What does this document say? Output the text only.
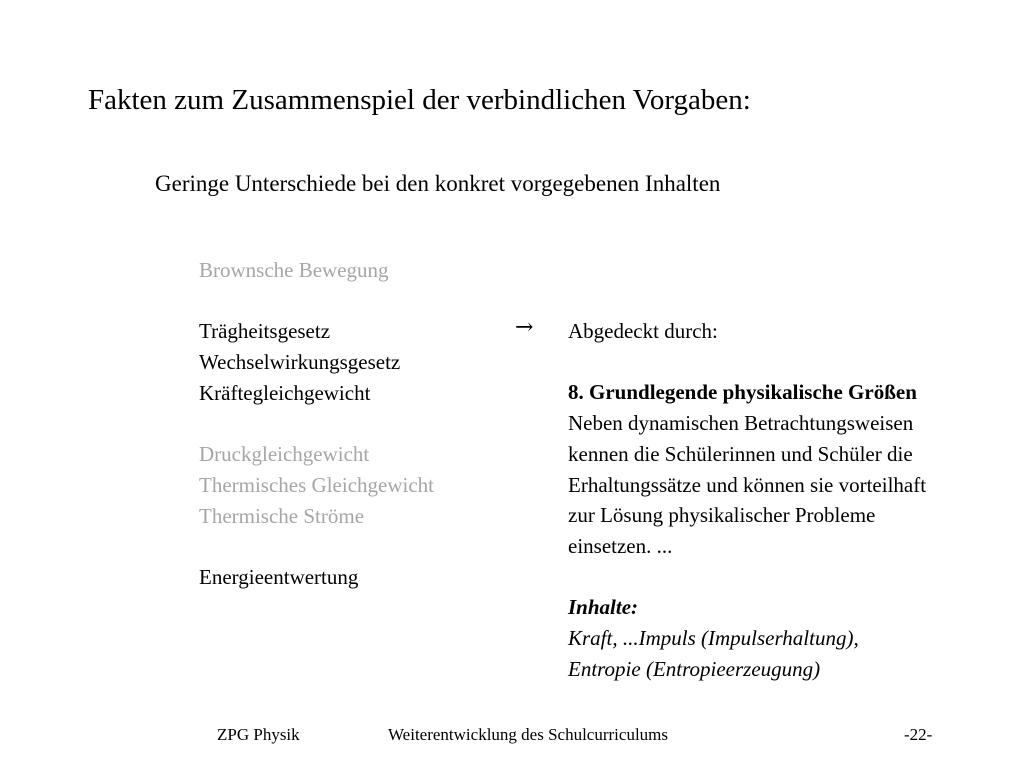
Fakten zum Zusammenspiel der verbindlichen Vorgaben:
Geringe Unterschiede bei den konkret vorgegebenen Inhalten
Brownsche Bewegung
Trägheitsgesetz
Wechselwirkungsgesetz
Kräftegleichgewicht
Druckgleichgewicht
Thermisches Gleichgewicht
Thermische Ströme
Energieentwertung
→ Abgedeckt durch:
8. Grundlegende physikalische Größen
Neben dynamischen Betrachtungsweisen
kennen die Schülerinnen und Schüler die
Erhaltungssätze und können sie vorteilhaft
zur Lösung physikalischer Probleme
einsetzen. ...
Inhalte:
Kraft, ...Impuls (Impulserhaltung),
Entropie (Entropieerzeugung)
ZPG Physik	Weiterentwicklung des Schulcurriculums	-22-
